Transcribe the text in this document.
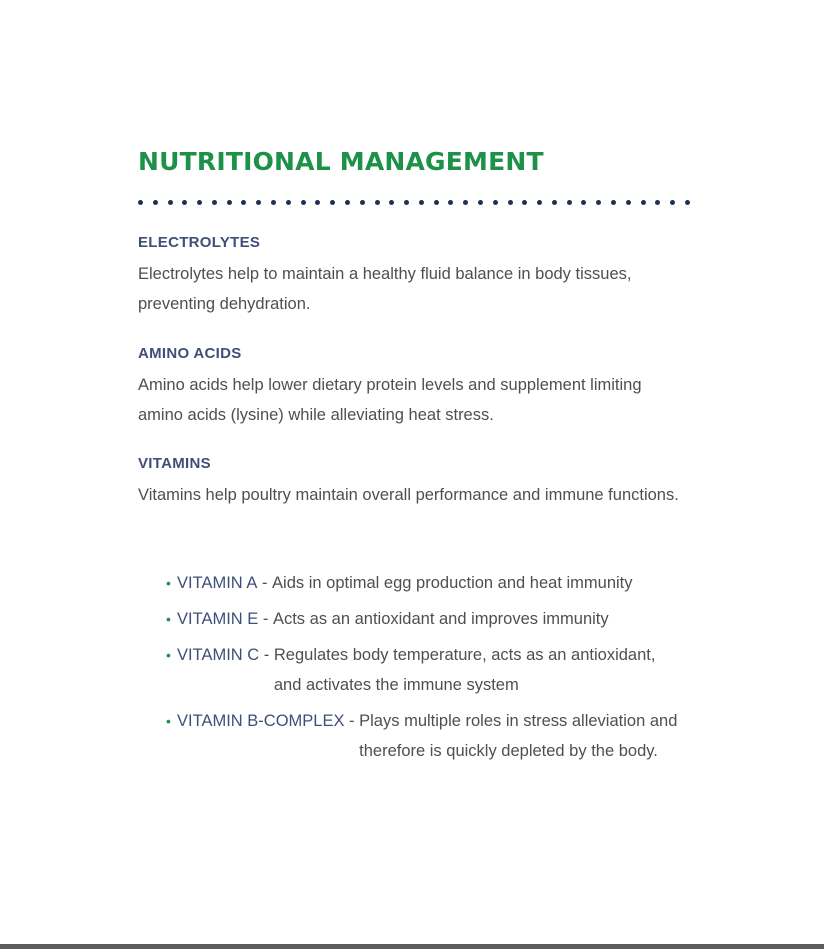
NUTRITIONAL MANAGEMENT
ELECTROLYTES

Electrolytes help to maintain a healthy fluid balance in body tissues, preventing dehydration.

AMINO ACIDS

Amino acids help lower dietary protein levels and supplement limiting amino acids (lysine) while alleviating heat stress.

VITAMINS

Vitamins help poultry maintain overall performance and immune functions.

• VITAMIN A - Aids in optimal egg production and heat immunity
• VITAMIN E - Acts as an antioxidant and improves immunity
• VITAMIN C - Regulates body temperature, acts as an antioxidant, and activates the immune system
• VITAMIN B-COMPLEX - Plays multiple roles in stress alleviation and therefore is quickly depleted by the body.
